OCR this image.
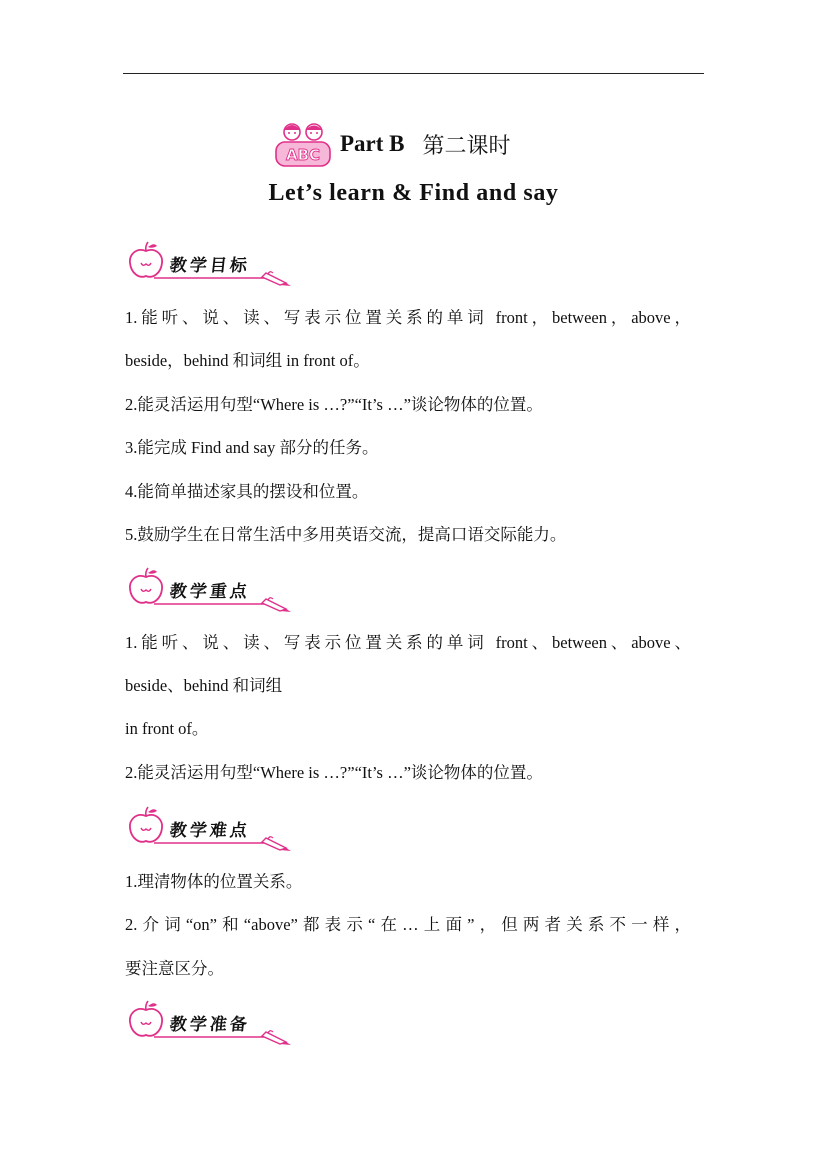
ABC Part B 第二课时
Let’s learn & Find and say
教学目标
1.能听、说、读、写表示位置关系的单词 front，between，above，
beside，behind 和词组 in front of。
2.能灵活运用句型“Where is …?”“It’s …”谈论物体的位置。
3.能完成 Find and say 部分的任务。
4.能简单描述家具的摆设和位置。
5.鼓励学生在日常生活中多用英语交流，提高口语交际能力。
教学重点
1.能听、说、读、写表示位置关系的单词 front、between、above、
beside、behind 和词组
in front of。
2.能灵活运用句型“Where is …?”“It’s …”谈论物体的位置。
教学难点
1.理清物体的位置关系。
2.介词“on”和“above”都表示“在…上面”，但两者关系不一样，
要注意区分。
教学准备
